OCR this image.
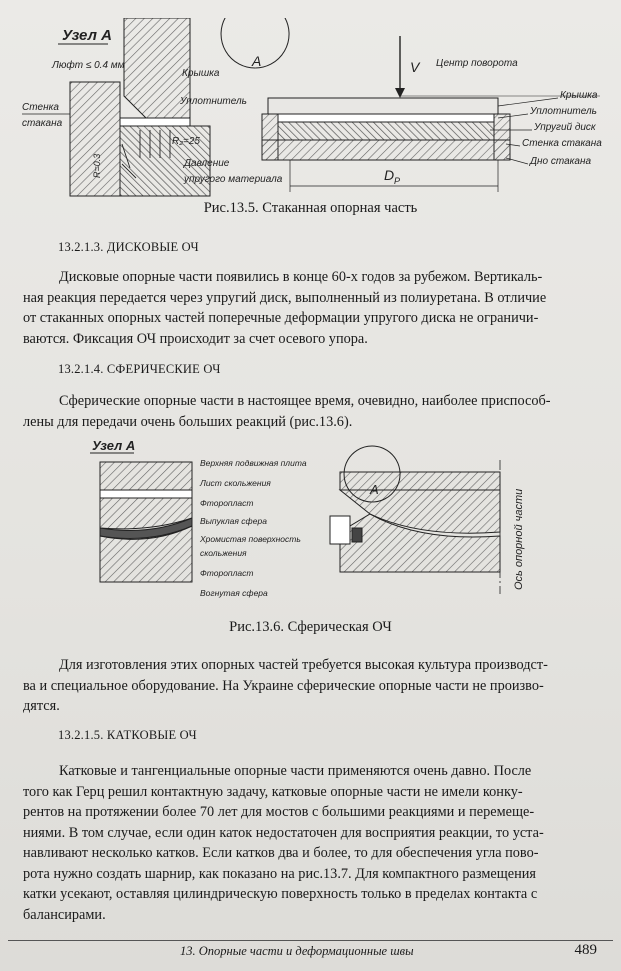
Узел А
Люфт ≤ 0.4 мм
Стенка
стакана
R=0.3
R₂=25
Крышка
Уплотнитель
Давление
упругого материала
A	V Центр поворота
Крышка
Уплотнитель
Упругий диск
Стенка стакана
Дно стакана
D P
Рис.13.5. Стаканная опорная часть
13.2.1.3. ДИСКОВЫЕ ОЧ
Дисковые опорные части появились в конце 60-х годов за рубежом. Вертикаль-
ная реакция передается через упругий диск, выполненный из полиуретана. В отличие
от стаканных опорных частей поперечные деформации упругого диска не ограничи-
ваются. Фиксация ОЧ происходит за счет осевого упора.
13.2.1.4. СФЕРИЧЕСКИЕ ОЧ
Сферические опорные части в настоящее время, очевидно, наиболее приспособ-
лены для передачи очень больших реакций (рис.13.6).
Узел А
Верхняя подвижная плита
Лист скольжения
Фторопласт
Выпуклая сфера
Хромистая поверхность
скольжения
Фторопласт
Вогнутая сфера
A	Ось опорной части
Рис.13.6. Сферическая ОЧ
Для изготовления этих опорных частей требуется высокая культура производст-
ва и специальное оборудование. На Украине сферические опорные части не произво-
дятся.
13.2.1.5. КАТКОВЫЕ ОЧ
Катковые и тангенциальные опорные части применяются очень давно. После
того как Герц решил контактную задачу, катковые опорные части не имели конку-
рентов на протяжении более 70 лет для мостов с большими реакциями и перемеще-
ниями. В том случае, если один каток недостаточен для восприятия реакции, то уста-
навливают несколько катков. Если катков два и более, то для обеспечения угла пово-
рота нужно создать шарнир, как показано на рис.13.7. Для компактного размещения
катки усекают, оставляя цилиндрическую поверхность только в пределах контакта с
балансирами.
13. Опорные части и деформационные швы	489
